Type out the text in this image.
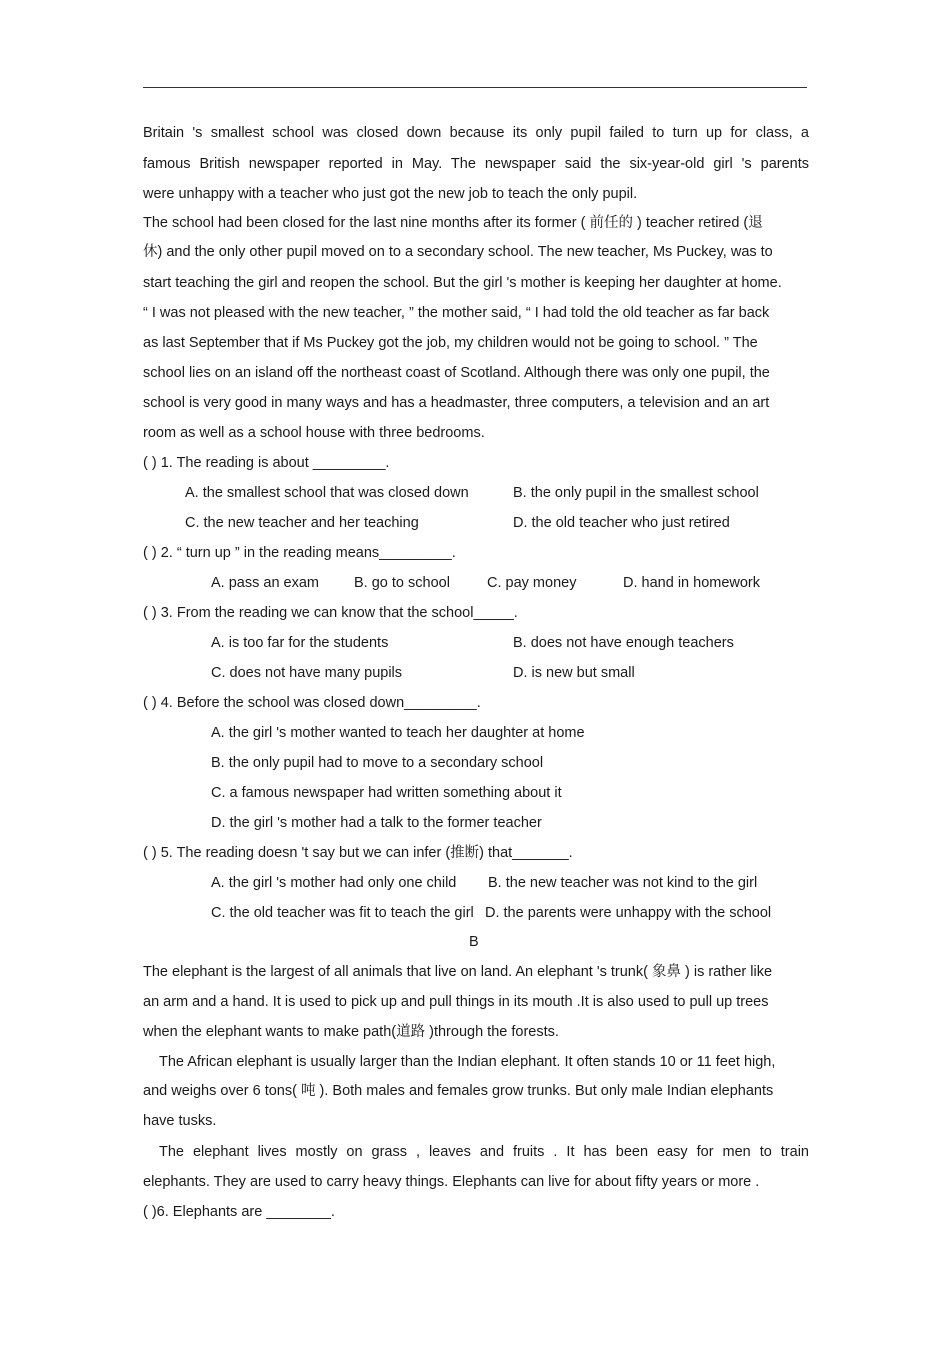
Britain 's smallest school was closed down because its only pupil failed to turn up for class, a
famous British newspaper reported in May. The newspaper said the six-year-old girl 's parents
were unhappy with a teacher who just got the new job to teach the only pupil.
The school had been closed for the last nine months after its former ( 前任的 ) teacher retired (退
休) and the only other pupil moved on to a secondary school. The new teacher, Ms Puckey, was to
start teaching the girl and reopen the school. But the girl 's mother is keeping her daughter at home.
“ I was not pleased with the new teacher, ” the mother said, “ I had told the old teacher as far back
as last September that if Ms Puckey got the job, my children would not be going to school. ” The
school lies on an island off the northeast coast of Scotland. Although there was only one pupil, the
school is very good in many ways and has a headmaster, three computers, a television and an art
room as well as a school house with three bedrooms.
( ) 1. The reading is about _________.
A. the smallest school that was closed down	B. the only pupil in the smallest school
C. the new teacher and her teaching	D. the old teacher who just retired
( ) 2. “ turn up ” in the reading means_________.
A. pass an exam B. go to school	C. pay money	D. hand in homework
( ) 3. From the reading we can know that the school_____.
A. is too far for the students	B. does not have enough teachers
C. does not have many pupils	D. is new but small
( ) 4. Before the school was closed down_________.
A. the girl 's mother wanted to teach her daughter at home
B. the only pupil had to move to a secondary school
C. a famous newspaper had written something about it
D. the girl 's mother had a talk to the former teacher
( ) 5. The reading doesn 't say but we can infer (推断) that_______.
A. the girl 's mother had only one child B. the new teacher was not kind to the girl
C. the old teacher was fit to teach the girl D. the parents were unhappy with the school
B
The elephant is the largest of all animals that live on land. An elephant 's trunk( 象鼻 ) is rather like
an arm and a hand. It is used to pick up and pull things in its mouth .It is also used to pull up trees
when the elephant wants to make path(道路 )through the forests.
The African elephant is usually larger than the Indian elephant. It often stands 10 or 11 feet high,
and weighs over 6 tons( 吨 ). Both males and females grow trunks. But only male Indian elephants
have tusks.
The elephant lives mostly on grass , leaves and fruits . It has been easy for men to train
elephants. They are used to carry heavy things. Elephants can live for about fifty years or more .
( )6. Elephants are ________.
